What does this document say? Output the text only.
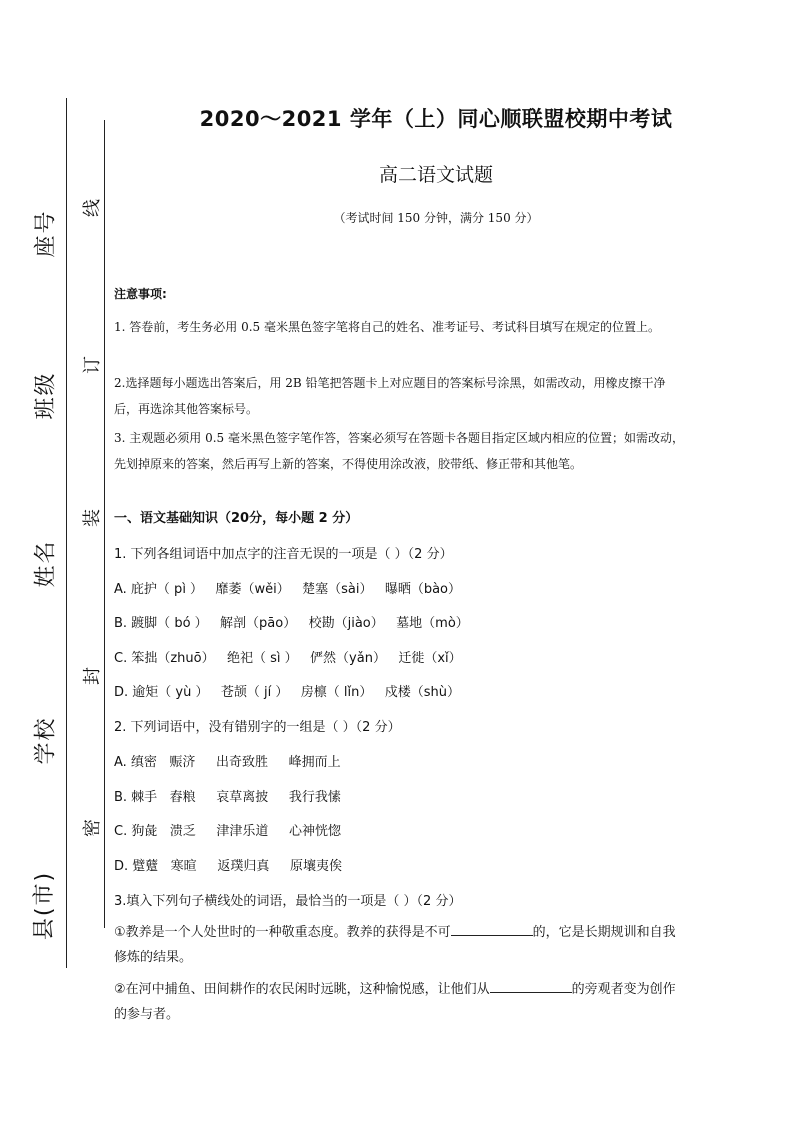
座号
班级
姓名
学校
县(市)
线
订
装
封
密
2020～2021 学年（上）同心顺联盟校期中考试
高二语文试题
（考试时间 150 分钟，满分 150 分）
注意事项:
1. 答卷前，考生务必用 0.5 毫米黑色签字笔将自己的姓名、准考证号、考试科目填写在规定的位置上。
2.选择题每小题选出答案后，用 2B 铅笔把答题卡上对应题目的答案标号涂黑，如需改动，用橡皮擦干净后，再选涂其他答案标号。
3. 主观题必须用 0.5 毫米黑色签字笔作答，答案必须写在答题卡各题目指定区域内相应的位置；如需改动，先划掉原来的答案，然后再写上新的答案，不得使用涂改液，胶带纸、修正带和其他笔。
一、语文基础知识（20分，每小题 2 分）
1. 下列各组词语中加点字的注音无误的一项是（ ）（2 分）
A. 庇护（ pì ）   靡萎（wěi）   楚塞（sài）   曝晒（bào）
B. 踱脚（ bó ）   解剖（pāo）   校勘（jiào）   墓地（mò）
C. 笨拙（zhuō）   绝祀（ sì ）   俨然（yǎn）   迁徙（xǐ）
D. 逾矩（ yù ）   苍颉（ jí ）   房檩（ lǐn）   戍楼（shù）
2. 下列词语中，没有错别字的一组是（ ）（2 分）
A. 缜密   赈济     出奇致胜     峰拥而上
B. 棘手   舂粮     哀草离披     我行我愫
C. 狗彘   溃乏     津津乐道     心神恍惚
D. 躄躠   寒暄     返璞归真     原壤夷俟
3.填入下列句子横线处的词语，最恰当的一项是（ ）（2 分）
①教养是一个人处世时的一种敬重态度。教养的获得是不可	的，它是长期规训和自我修炼的结果。
②在河中捕鱼、田间耕作的农民闲时远眺，这种愉悦感，让他们从	的旁观者变为创作的参与者。
